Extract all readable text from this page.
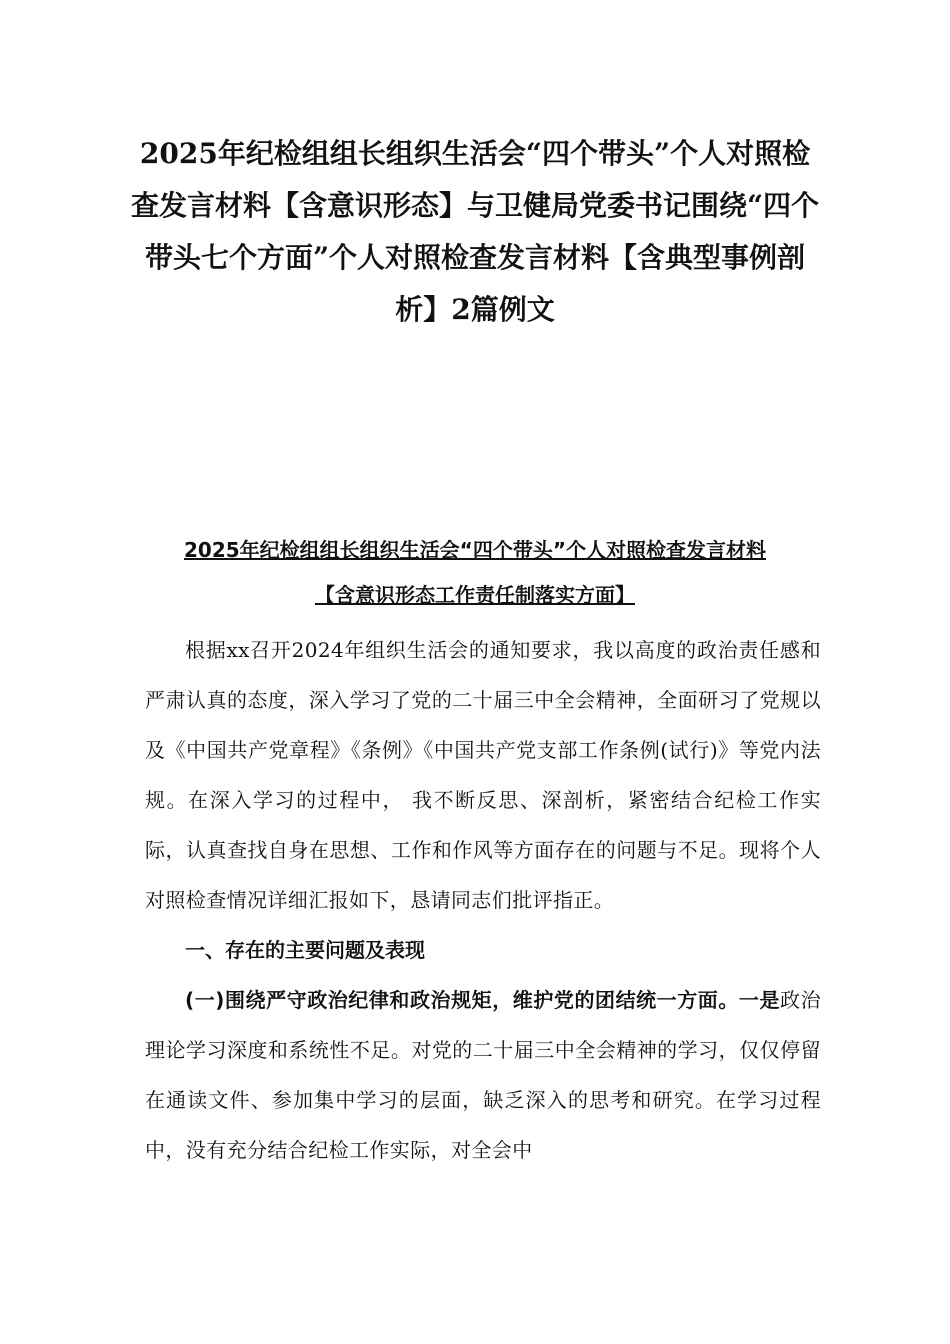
2025年纪检组组长组织生活会“四个带头”个人对照检查发言材料【含意识形态】与卫健局党委书记围绕“四个带头七个方面”个人对照检查发言材料【含典型事例剖析】2篇例文
2025年纪检组组长组织生活会“四个带头”个人对照检查发言材料
【含意识形态工作责任制落实方面】

根据xx召开2024年组织生活会的通知要求，我以高度的政治责任感和严肃认真的态度，深入学习了党的二十届三中全会精神，全面研习了党规以及《中国共产党章程》《条例》《中国共产党支部工作条例(试行)》等党内法规。在深入学习的过程中， 我不断反思、深剖析，紧密结合纪检工作实际，认真查找自身在思想、工作和作风等方面存在的问题与不足。现将个人对照检查情况详细汇报如下，恳请同志们批评指正。

一、存在的主要问题及表现

(一)围绕严守政治纪律和政治规矩，维护党的团结统一方面。一是政治理论学习深度和系统性不足。对党的二十届三中全会精神的学习，仅仅停留在通读文件、参加集中学习的层面，缺乏深入的思考和研究。在学习过程中，没有充分结合纪检工作实际，对全会中
